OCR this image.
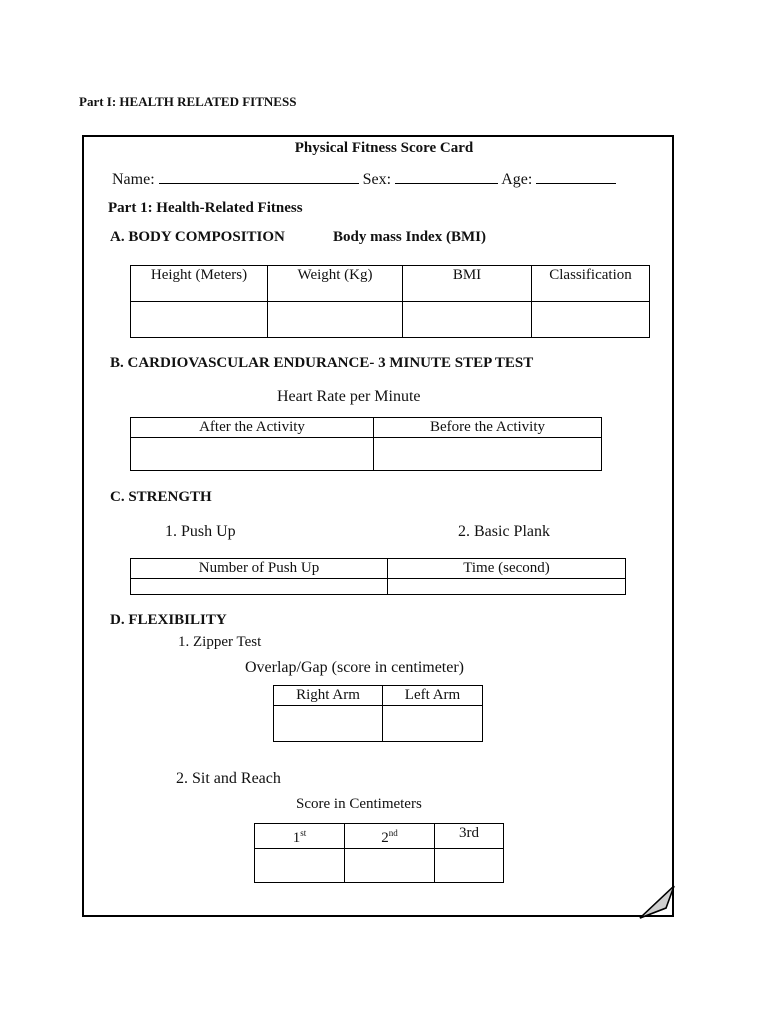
Part I: HEALTH RELATED FITNESS
Physical Fitness Score Card
Name:	Sex:	Age:
Part 1: Health-Related Fitness
A. BODY COMPOSITION	Body mass Index (BMI)
Height (Meters)	Weight (Kg)	BMI	Classification

B. CARDIOVASCULAR ENDURANCE- 3 MINUTE STEP TEST
Heart Rate per Minute
After the Activity	Before the Activity

C. STRENGTH
1. Push Up	2. Basic Plank
Number of Push Up	Time (second)

D. FLEXIBILITY
1. Zipper Test
Overlap/Gap (score in centimeter)
Right Arm	Left Arm

2. Sit and Reach
Score in Centimeters
1st	2nd	3rd
